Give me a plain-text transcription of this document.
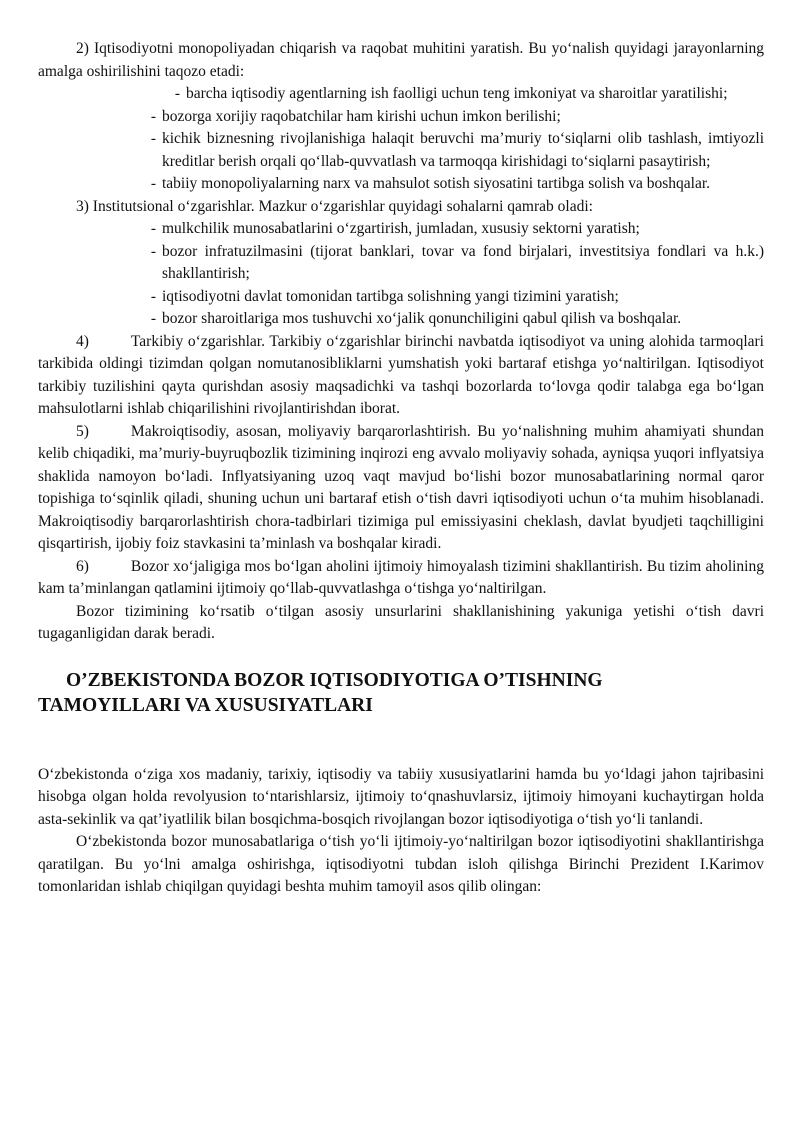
2) Iqtisodiyotni monopoliyadan chiqarish va raqobat muhitini yaratish. Bu yo‘nalish quyidagi jarayonlarning amalga oshirilishini taqozo etadi:

- barcha iqtisodiy agentlarning ish faolligi uchun teng imkoniyat va sharoitlar yaratilishi;
- bozorga xorijiy raqobatchilar ham kirishi uchun imkon berilishi;
- kichik biznesning rivojlanishiga halaqit beruvchi ma’muriy to‘siqlarni olib tashlash, imtiyozli kreditlar berish orqali qo‘llab-quvvatlash va tarmoqqa kirishidagi to‘siqlarni pasaytirish;
- tabiiy monopoliyalarning narx va mahsulot sotish siyosatini tartibga solish va boshqalar.

3) Institutsional o‘zgarishlar. Mazkur o‘zgarishlar quyidagi sohalarni qamrab oladi:

- mulkchilik munosabatlarini o‘zgartirish, jumladan, xususiy sektorni yaratish;
- bozor infratuzilmasini (tijorat banklari, tovar va fond birjalari, investitsiya fondlari va h.k.) shakllantirish;
- iqtisodiyotni davlat tomonidan tartibga solishning yangi tizimini yaratish;
- bozor sharoitlariga mos tushuvchi xo‘jalik qonunchiligini qabul qilish va boshqalar.

4)	Tarkibiy o‘zgarishlar. Tarkibiy o‘zgarishlar birinchi navbatda iqtisodiyot va uning alohida tarmoqlari tarkibida oldingi tizimdan qolgan nomutanosibliklarni yumshatish yoki bartaraf etishga yo‘naltirilgan. Iqtisodiyot tarkibiy tuzilishini qayta qurishdan asosiy maqsadichki va tashqi bozorlarda to‘lovga qodir talabga ega bo‘lgan mahsulotlarni ishlab chiqarilishini rivojlantirishdan iborat.

5)	Makroiqtisodiy, asosan, moliyaviy barqarorlashtirish. Bu yo‘nalishning muhim ahamiyati shundan kelib chiqadiki, ma’muriy-buyruqbozlik tizimining inqirozi eng avvalo moliyaviy sohada, ayniqsa yuqori inflyatsiya shaklida namoyon bo‘ladi. Inflyatsiyaning uzoq vaqt mavjud bo‘lishi bozor munosabatlarining normal qaror topishiga to‘sqinlik qiladi, shuning uchun uni bartaraf etish o‘tish davri iqtisodiyoti uchun o‘ta muhim hisoblanadi. Makroiqtisodiy barqarorlashtirish chora-tadbirlari tizimiga pul emissiyasini cheklash, davlat byudjeti taqchilligini qisqartirish, ijobiy foiz stavkasini ta’minlash va boshqalar kiradi.

6)	Bozor xo‘jaligiga mos bo‘lgan aholini ijtimoiy himoyalash tizimini shakllantirish. Bu tizim aholining kam ta’minlangan qatlamini ijtimoiy qo‘llab-quvvatlashga o‘tishga yo‘naltirilgan.

Bozor tizimining ko‘rsatib o‘tilgan asosiy unsurlarini shakllanishining yakuniga yetishi o‘tish davri tugaganligidan darak beradi.

O’ZBEKISTONDA BOZOR IQTISODIYOTIGA O’TISHNING
TAMOYILLARI VA XUSUSIYATLARI

O‘zbekistonda o‘ziga xos madaniy, tarixiy, iqtisodiy va tabiiy xususiyatlarini hamda bu yo‘ldagi jahon tajribasini hisobga olgan holda revolyusion to‘ntarishlarsiz, ijtimoiy to‘qnashuvlarsiz, ijtimoiy himoyani kuchaytirgan holda asta-sekinlik va qat’iyatlilik bilan bosqichma-bosqich rivojlangan bozor iqtisodiyotiga o‘tish yo‘li tanlandi.

O‘zbekistonda bozor munosabatlariga o‘tish yo‘li ijtimoiy-yo‘naltirilgan bozor iqtisodiyotini shakllantirishga qaratilgan. Bu yo‘lni amalga oshirishga, iqtisodiyotni tubdan isloh qilishga Birinchi Prezident I.Karimov tomonlaridan ishlab chiqilgan quyidagi beshta muhim tamoyil asos qilib olingan:
